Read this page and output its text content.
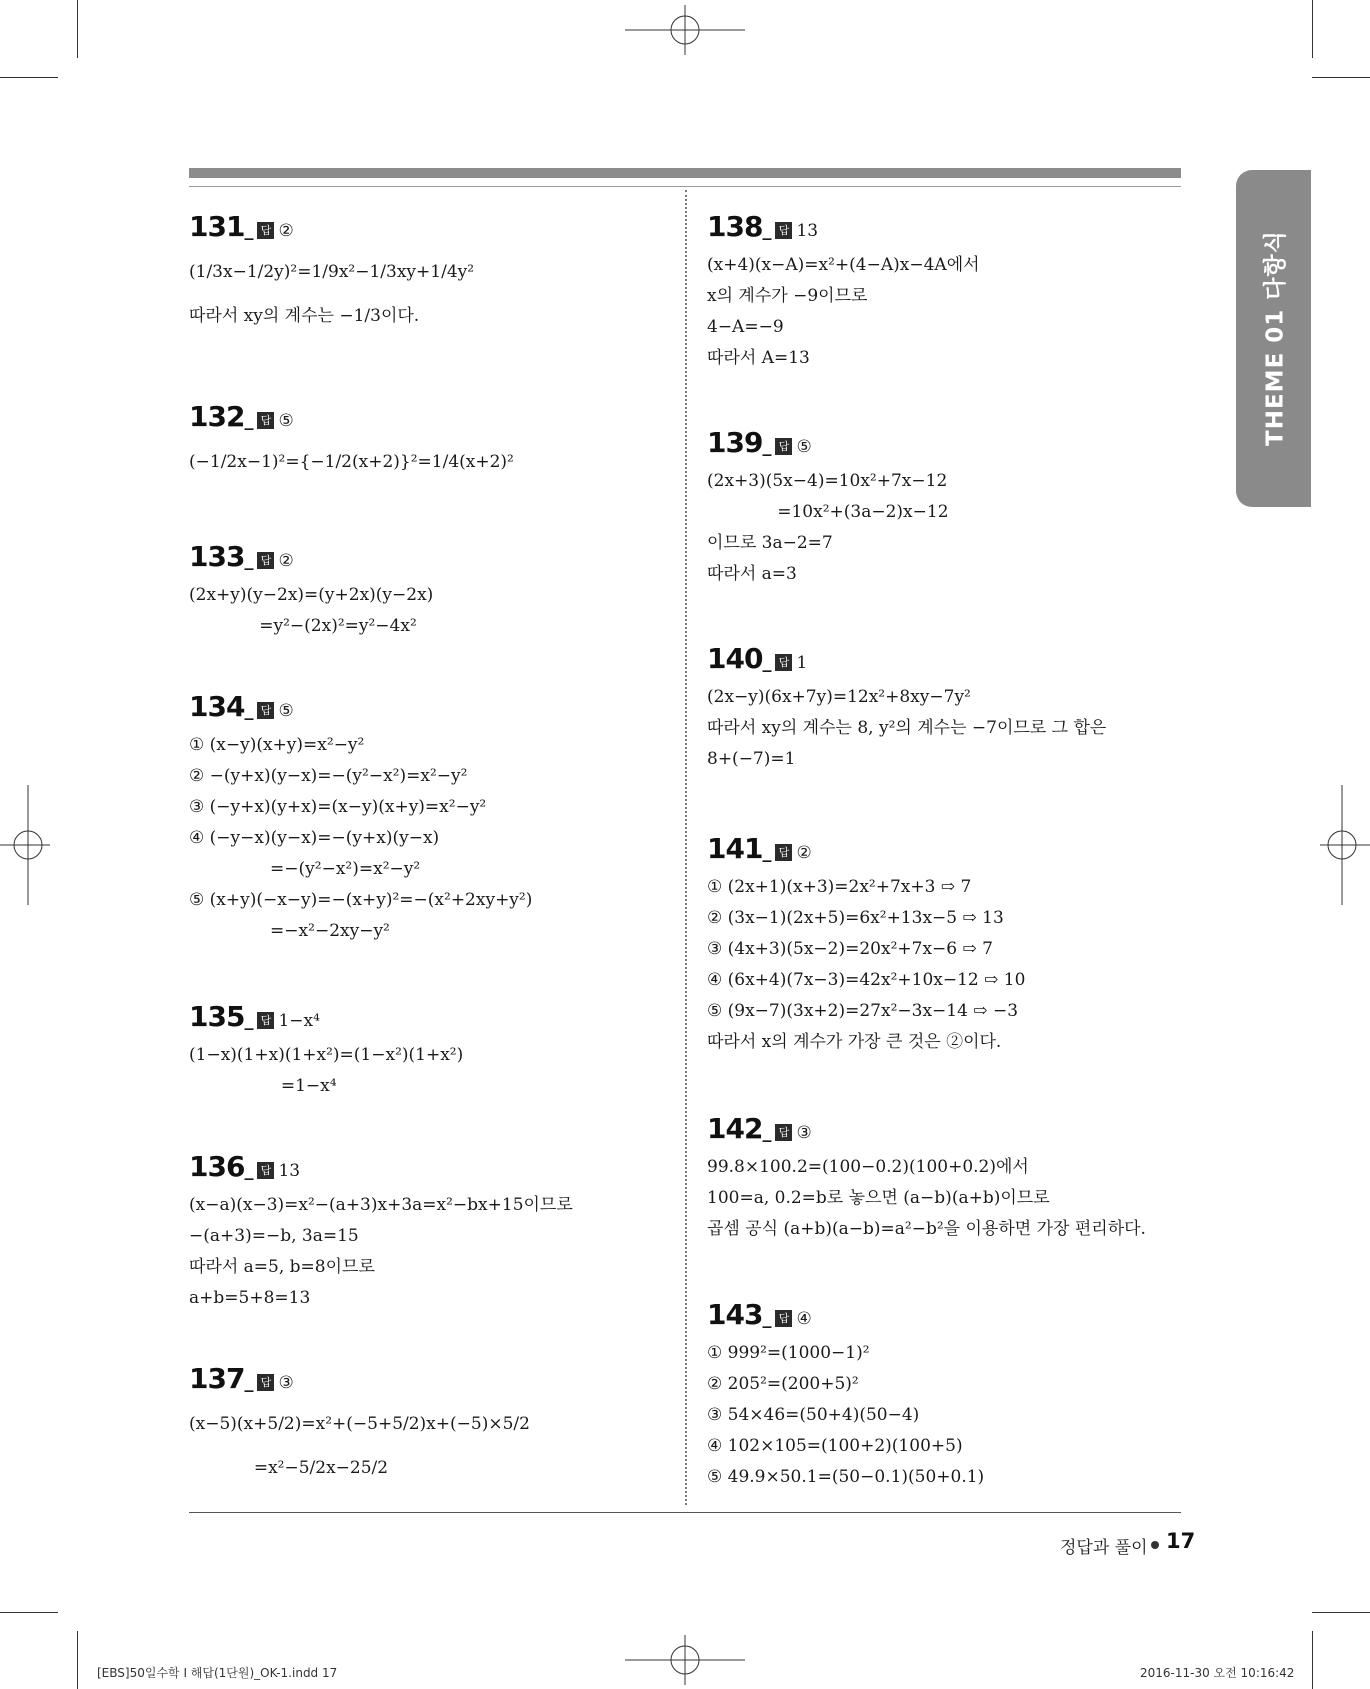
THEME 01 다항식
131 _ 답 ②
(1/3x−1/2y)²=1/9x²−1/3xy+1/4y²
따라서 xy의 계수는 −1/3이다.
132 _ 답 ⑤
(−1/2x−1)²={−1/2(x+2)}²=1/4(x+2)²
133 _ 답 ②
(2x+y)(y−2x)=(y+2x)(y−2x)
=y²−(2x)²=y²−4x²
134 _ 답 ⑤
① (x−y)(x+y)=x²−y²
② −(y+x)(y−x)=−(y²−x²)=x²−y²
③ (−y+x)(y+x)=(x−y)(x+y)=x²−y²
④ (−y−x)(y−x)=−(y+x)(y−x)
=−(y²−x²)=x²−y²
⑤ (x+y)(−x−y)=−(x+y)²=−(x²+2xy+y²)
=−x²−2xy−y²
135 _ 답 1−x⁴
(1−x)(1+x)(1+x²)=(1−x²)(1+x²)
=1−x⁴
136 _ 답 13
(x−a)(x−3)=x²−(a+3)x+3a=x²−bx+15이므로
−(a+3)=−b, 3a=15
따라서 a=5, b=8이므로
a+b=5+8=13
137 _ 답 ③
(x−5)(x+5/2)=x²+(−5+5/2)x+(−5)×5/2
=x²−5/2x−25/2
138 _ 답 13
(x+4)(x−A)=x²+(4−A)x−4A에서
x의 계수가 −9이므로
4−A=−9
따라서 A=13
139 _ 답 ⑤
(2x+3)(5x−4)=10x²+7x−12
=10x²+(3a−2)x−12
이므로 3a−2=7
따라서 a=3
140 _ 답 1
(2x−y)(6x+7y)=12x²+8xy−7y²
따라서 xy의 계수는 8, y²의 계수는 −7이므로 그 합은
8+(−7)=1
141 _ 답 ②
① (2x+1)(x+3)=2x²+7x+3 ⇨ 7
② (3x−1)(2x+5)=6x²+13x−5 ⇨ 13
③ (4x+3)(5x−2)=20x²+7x−6 ⇨ 7
④ (6x+4)(7x−3)=42x²+10x−12 ⇨ 10
⑤ (9x−7)(3x+2)=27x²−3x−14 ⇨ −3
따라서 x의 계수가 가장 큰 것은 ②이다.
142 _ 답 ③
99.8×100.2=(100−0.2)(100+0.2)에서
100=a, 0.2=b로 놓으면 (a−b)(a+b)이므로
곱셈 공식 (a+b)(a−b)=a²−b²을 이용하면 가장 편리하다.
143 _ 답 ④
① 999²=(1000−1)²
② 205²=(200+5)²
③ 54×46=(50+4)(50−4)
④ 102×105=(100+2)(100+5)
⑤ 49.9×50.1=(50−0.1)(50+0.1)
정답과 풀이 17
[EBS]50일수학 I 해답(1단원)_OK-1.indd 17	2016-11-30 오전 10:16:42
